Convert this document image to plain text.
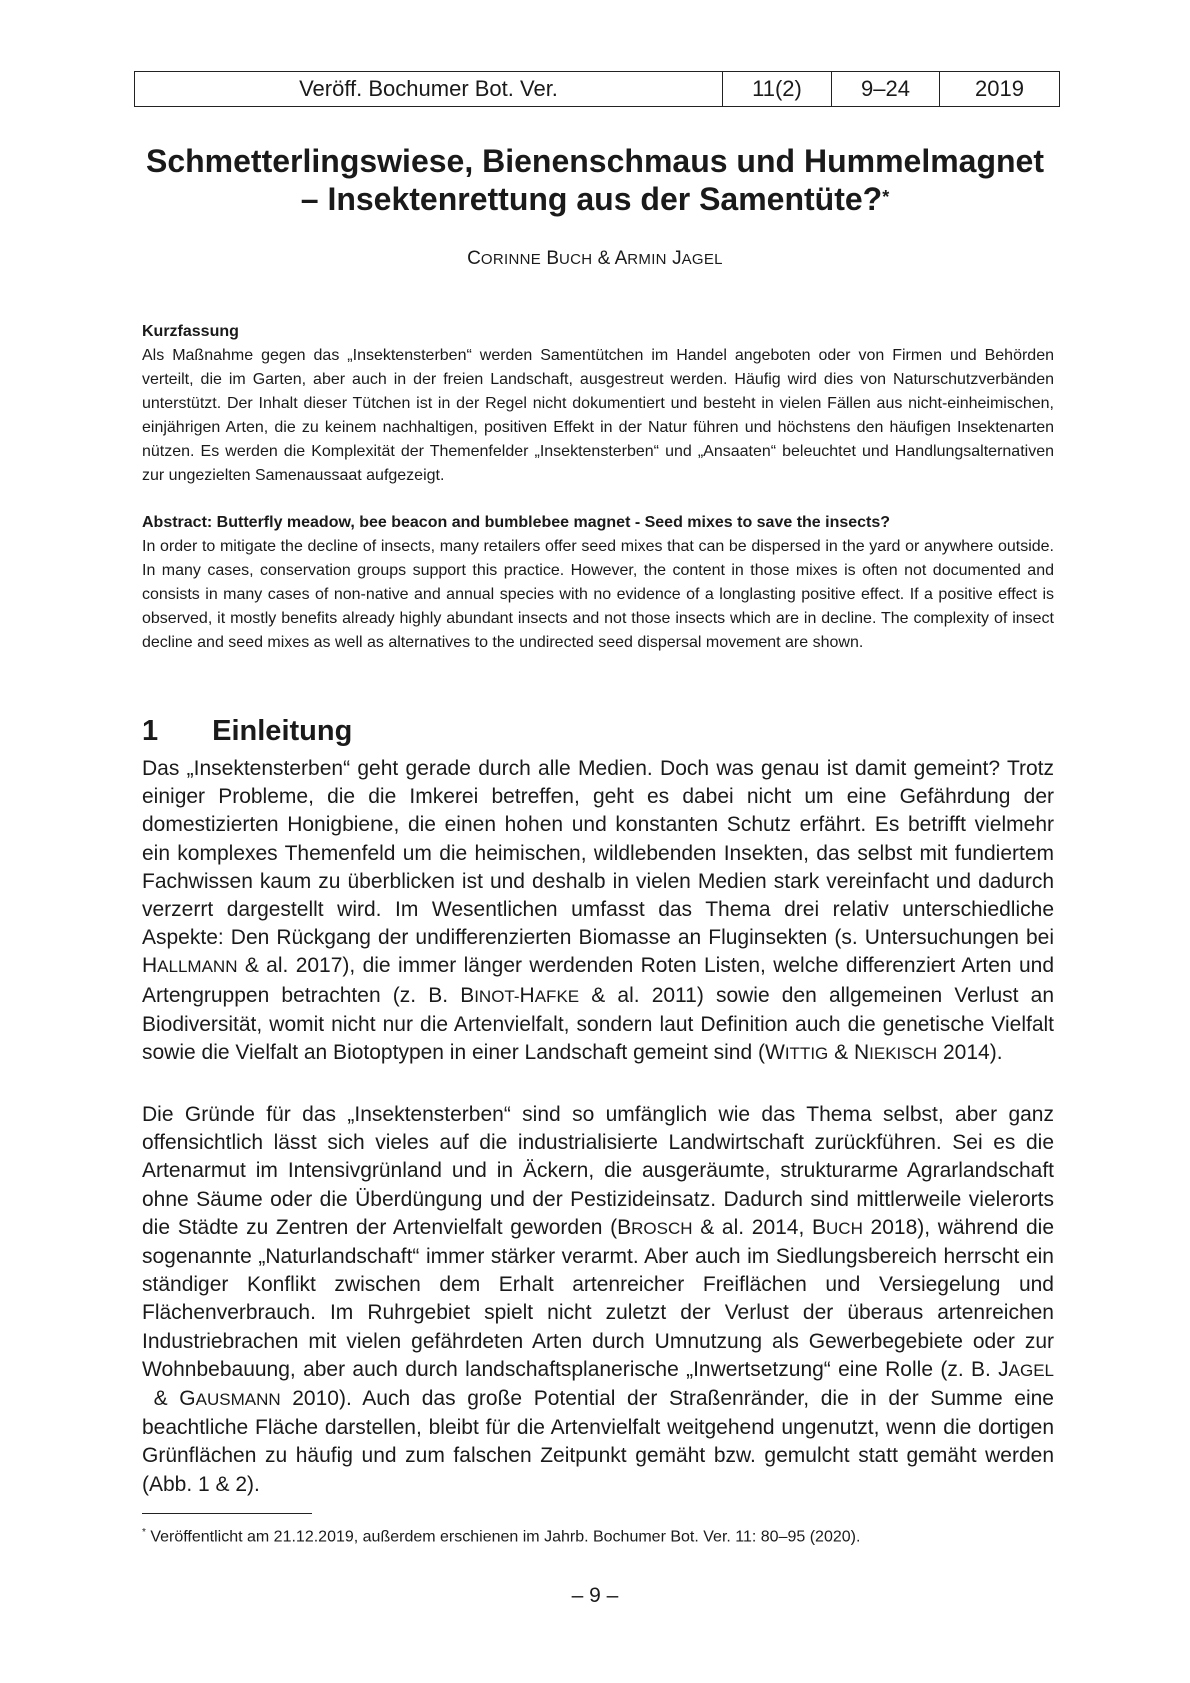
Veröff. Bochumer Bot. Ver.	11(2)	9–24	2019
Schmetterlingswiese, Bienenschmaus und Hummelmagnet
– Insektenrettung aus der Samentüte?*
CORINNE BUCH & ARMIN JAGEL
Kurzfassung
Als Maßnahme gegen das „Insektensterben“ werden Samentütchen im Handel angeboten oder von Firmen und Behörden verteilt, die im Garten, aber auch in der freien Landschaft, ausgestreut werden. Häufig wird dies von Naturschutzverbänden unterstützt. Der Inhalt dieser Tütchen ist in der Regel nicht dokumentiert und besteht in vielen Fällen aus nicht-einheimischen, einjährigen Arten, die zu keinem nachhaltigen, positiven Effekt in der Natur führen und höchstens den häufigen Insektenarten nützen. Es werden die Komplexität der Themenfelder „Insektensterben“ und „Ansaaten“ beleuchtet und Handlungsalternativen zur ungezielten Samenaussaat aufgezeigt.
Abstract: Butterfly meadow, bee beacon and bumblebee magnet - Seed mixes to save the insects?
In order to mitigate the decline of insects, many retailers offer seed mixes that can be dispersed in the yard or anywhere outside. In many cases, conservation groups support this practice. However, the content in those mixes is often not documented and consists in many cases of non-native and annual species with no evidence of a longlasting positive effect. If a positive effect is observed, it mostly benefits already highly abundant insects and not those insects which are in decline. The complexity of insect decline and seed mixes as well as alternatives to the undirected seed dispersal movement are shown.
1 Einleitung
Das „Insektensterben“ geht gerade durch alle Medien. Doch was genau ist damit gemeint? Trotz einiger Probleme, die die Imkerei betreffen, geht es dabei nicht um eine Gefährdung der domestizierten Honigbiene, die einen hohen und konstanten Schutz erfährt. Es betrifft vielmehr ein komplexes Themenfeld um die heimischen, wildlebenden Insekten, das selbst mit fundiertem Fachwissen kaum zu überblicken ist und deshalb in vielen Medien stark vereinfacht und dadurch verzerrt dargestellt wird. Im Wesentlichen umfasst das Thema drei relativ unterschiedliche Aspekte: Den Rückgang der undifferenzierten Biomasse an Fluginsekten (s. Untersuchungen bei HALLMANN & al. 2017), die immer länger werdenden Roten Listen, welche differenziert Arten und Artengruppen betrachten (z. B. BINOT-HAFKE & al. 2011) sowie den allgemeinen Verlust an Biodiversität, womit nicht nur die Artenvielfalt, sondern laut Definition auch die genetische Vielfalt sowie die Vielfalt an Biotoptypen in einer Landschaft gemeint sind (WITTIG & NIEKISCH 2014).
Die Gründe für das „Insektensterben“ sind so umfänglich wie das Thema selbst, aber ganz offensichtlich lässt sich vieles auf die industrialisierte Landwirtschaft zurückführen. Sei es die Artenarmut im Intensivgrünland und in Äckern, die ausgeräumte, strukturarme Agrarlandschaft ohne Säume oder die Überdüngung und der Pestizideinsatz. Dadurch sind mittlerweile vielerorts die Städte zu Zentren der Artenvielfalt geworden (BROSCH & al. 2014, BUCH 2018), während die sogenannte „Naturlandschaft“ immer stärker verarmt. Aber auch im Siedlungsbereich herrscht ein ständiger Konflikt zwischen dem Erhalt artenreicher Freiflächen und Versiegelung und Flächenverbrauch. Im Ruhrgebiet spielt nicht zuletzt der Verlust der überaus artenreichen Industriebrachen mit vielen gefährdeten Arten durch Umnutzung als Gewerbegebiete oder zur Wohnbebauung, aber auch durch landschaftsplanerische „Inwertsetzung“ eine Rolle (z. B. JAGEL & GAUSMANN 2010). Auch das große Potential der Straßenränder, die in der Summe eine beachtliche Fläche darstellen, bleibt für die Artenvielfalt weitgehend ungenutzt, wenn die dortigen Grünflächen zu häufig und zum falschen Zeitpunkt gemäht bzw. gemulcht statt gemäht werden (Abb. 1 & 2).
* Veröffentlicht am 21.12.2019, außerdem erschienen im Jahrb. Bochumer Bot. Ver. 11: 80–95 (2020).
– 9 –
